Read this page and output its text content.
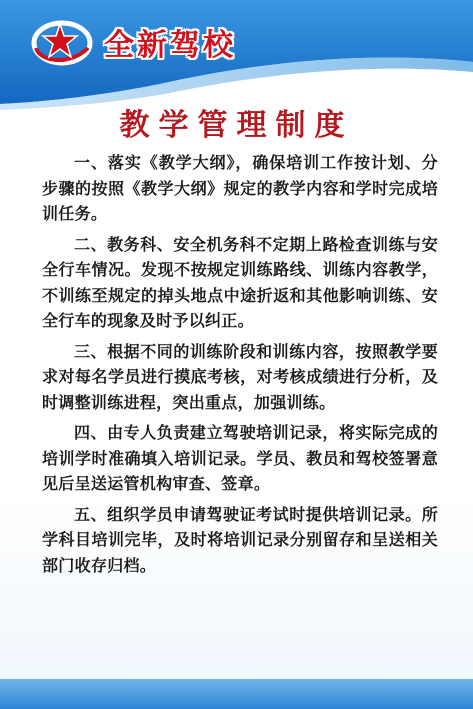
全新驾校
教学管理制度

一、落实《教学大纲》，确保培训工作按计划、分步骤的按照《教学大纲》规定的教学内容和学时完成培训任务。

二、教务科、安全机务科不定期上路检查训练与安全行车情况。发现不按规定训练路线、训练内容教学，不训练至规定的掉头地点中途折返和其他影响训练、安全行车的现象及时予以纠正。

三、根据不同的训练阶段和训练内容，按照教学要求对每名学员进行摸底考核，对考核成绩进行分析，及时调整训练进程，突出重点，加强训练。

四、由专人负责建立驾驶培训记录，将实际完成的培训学时准确填入培训记录。学员、教员和驾校签署意见后呈送运管机构审查、签章。

五、组织学员申请驾驶证考试时提供培训记录。所学科目培训完毕，及时将培训记录分别留存和呈送相关部门收存归档。
